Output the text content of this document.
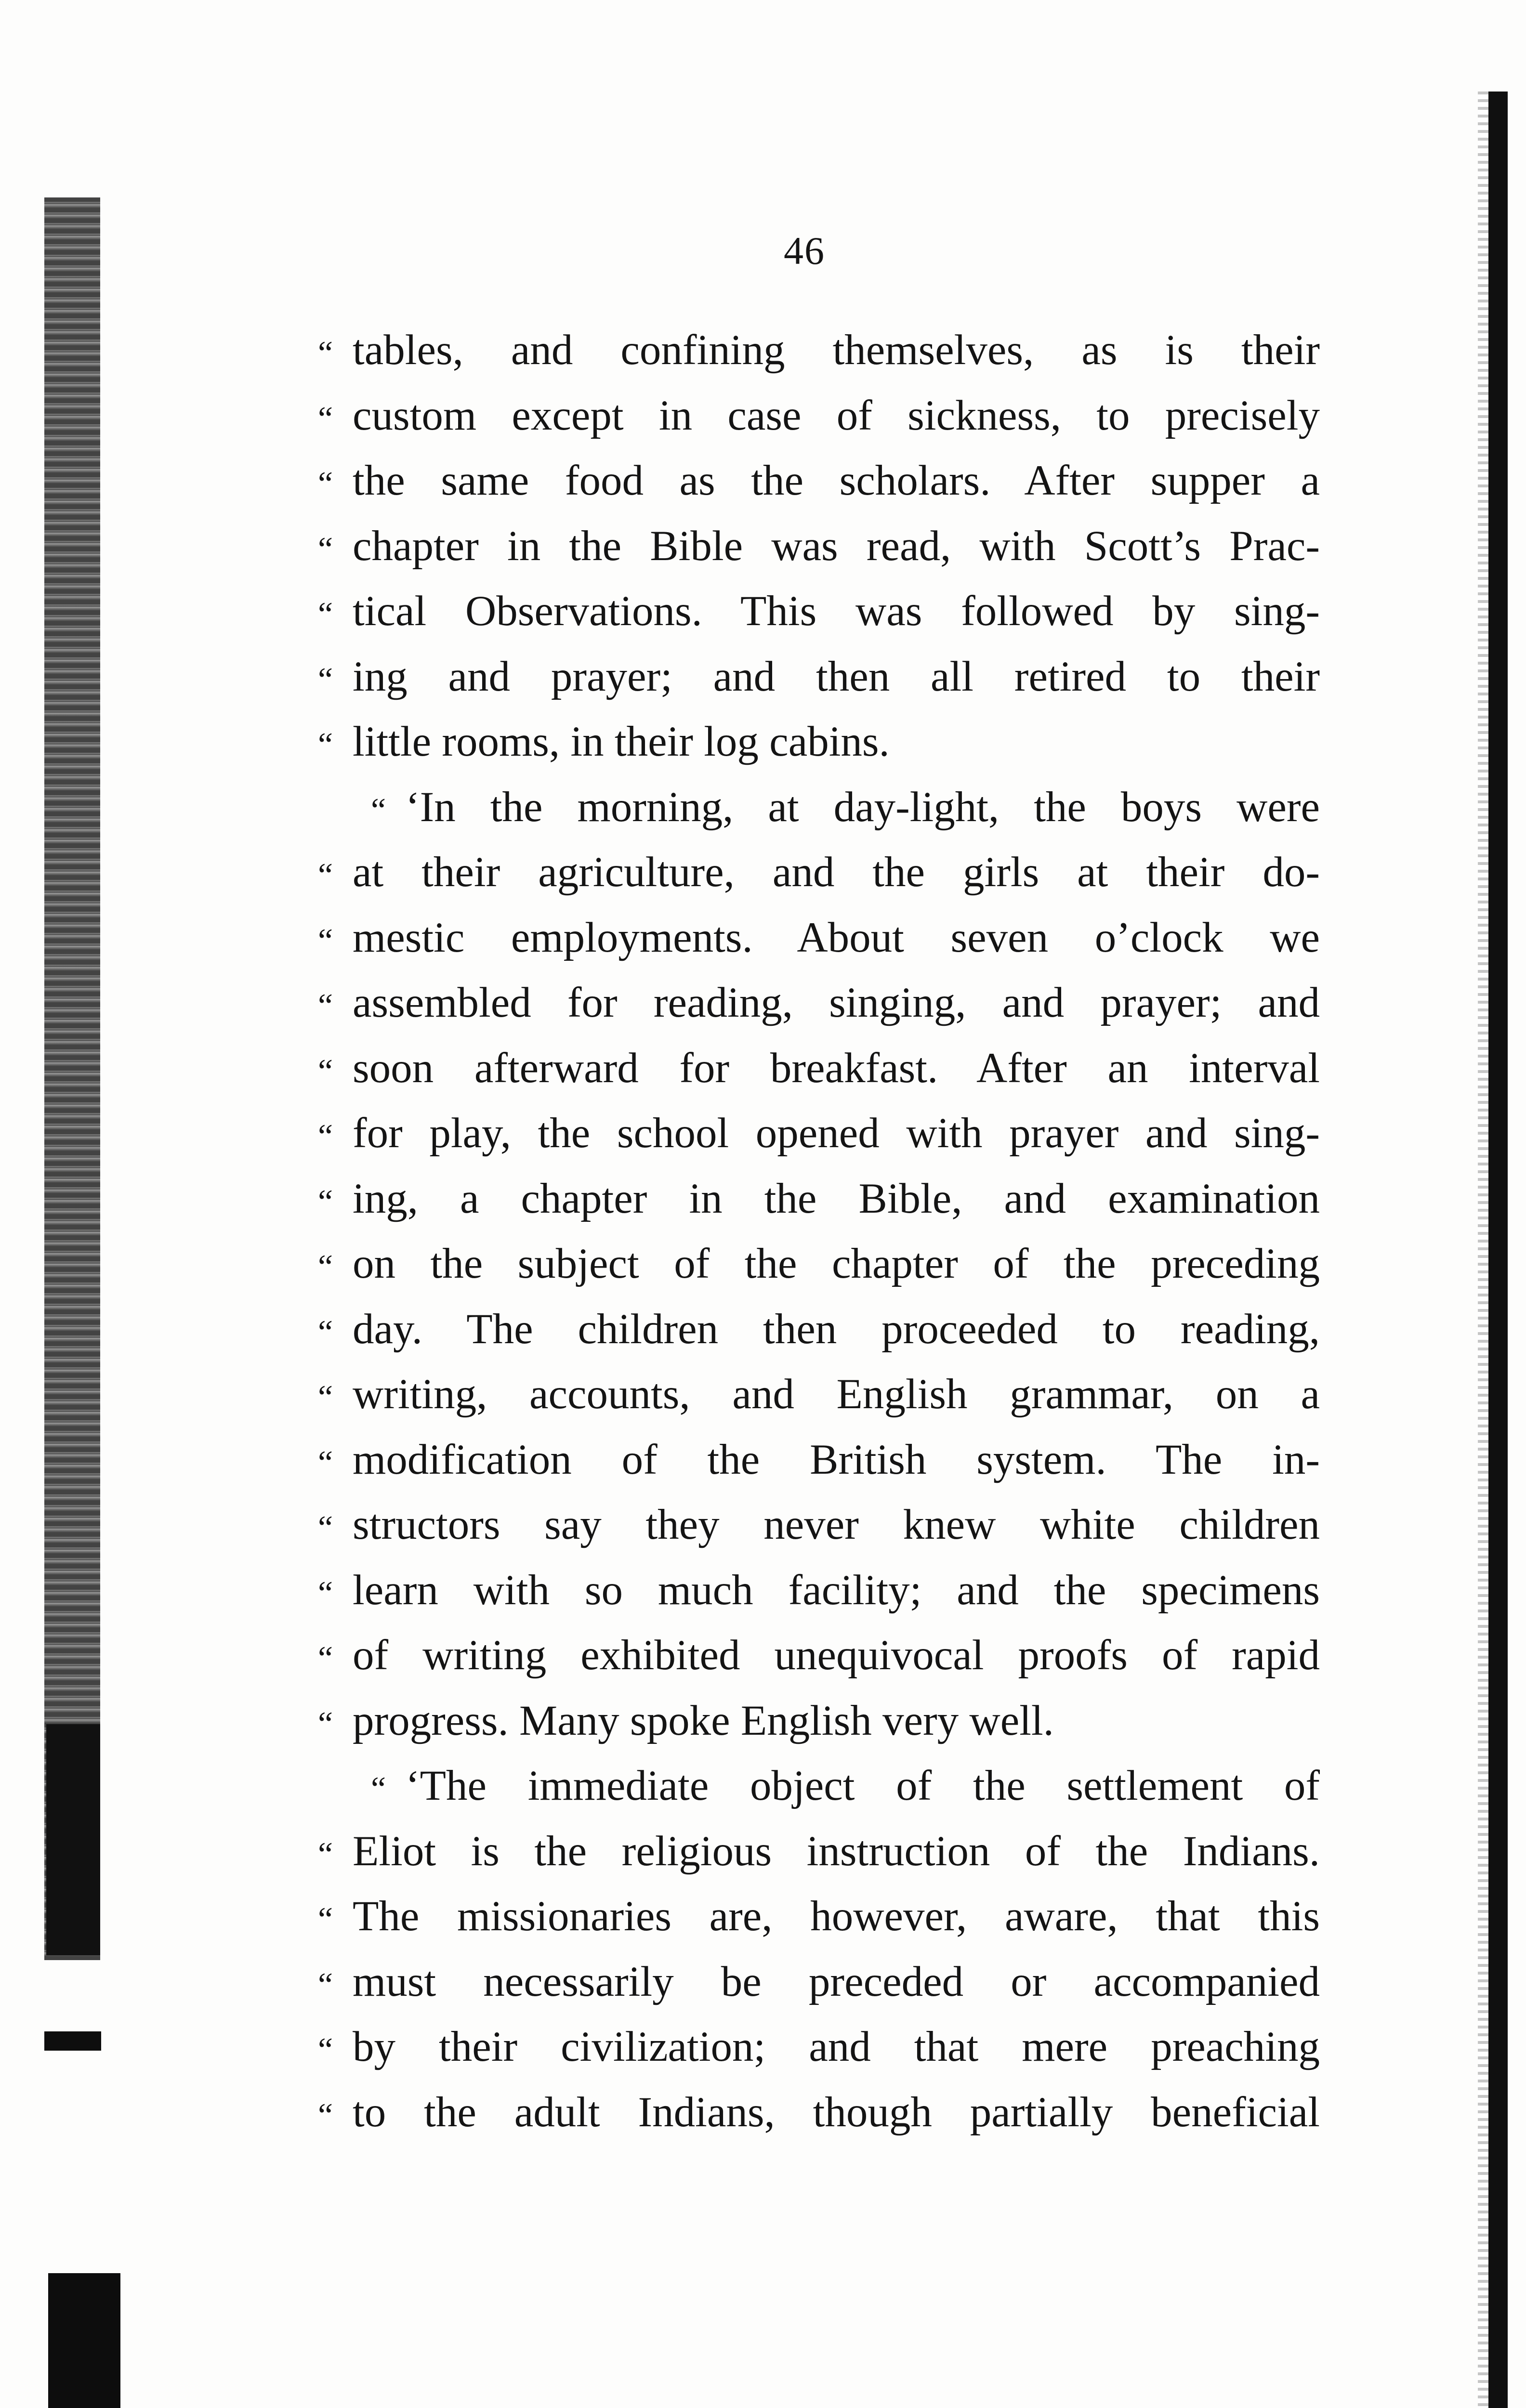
46
“ tables, and confining themselves, as is their
“ custom except in case of sickness, to precisely
“ the same food as the scholars. After supper a
“ chapter in the Bible was read, with Scott’s Prac-
“ tical Observations. This was followed by sing-
“ ing and prayer; and then all retired to their
“ little rooms, in their log cabins.
“ ‘In the morning, at day-light, the boys were
“ at their agriculture, and the girls at their do-
“ mestic employments. About seven o’clock we
“ assembled for reading, singing, and prayer; and
“ soon afterward for breakfast. After an interval
“ for play, the school opened with prayer and sing-
“ ing, a chapter in the Bible, and examination
“ on the subject of the chapter of the preceding
“ day. The children then proceeded to reading,
“ writing, accounts, and English grammar, on a
“ modification of the British system. The in-
“ structors say they never knew white children
“ learn with so much facility; and the specimens
“ of writing exhibited unequivocal proofs of rapid
“ progress. Many spoke English very well.
“ ‘The immediate object of the settlement of
“ Eliot is the religious instruction of the Indians.
“ The missionaries are, however, aware, that this
“ must necessarily be preceded or accompanied
“ by their civilization; and that mere preaching
“ to the adult Indians, though partially beneficial
